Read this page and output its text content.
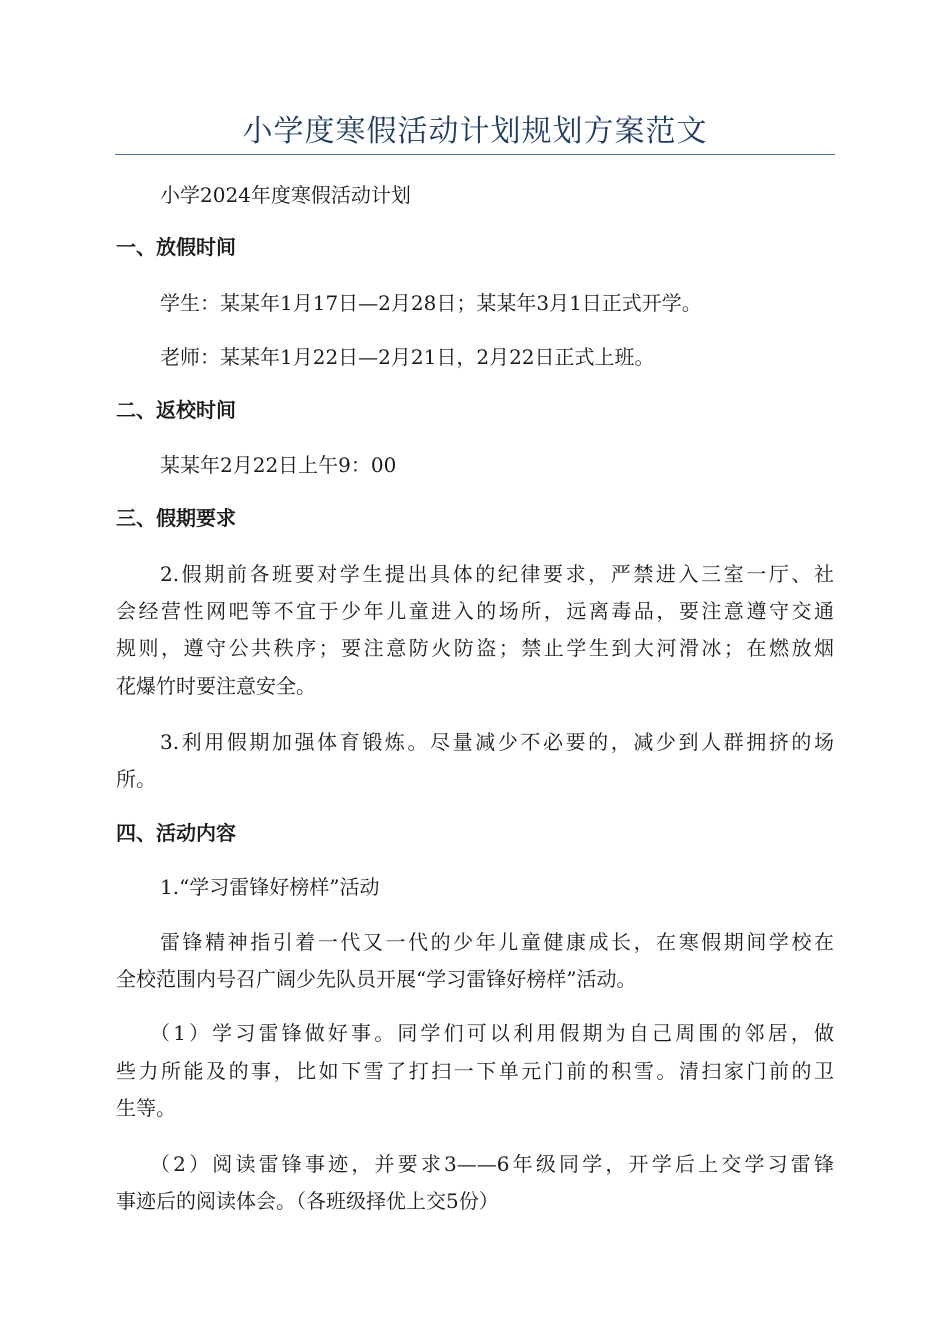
小学度寒假活动计划规划方案范文
小学2024年度寒假活动计划
一、放假时间
学生：某某年1月17日—2月28日；某某年3月1日正式开学。
老师：某某年1月22日—2月21日，2月22日正式上班。
二、返校时间
某某年2月22日上午9：00
三、假期要求
2.假期前各班要对学生提出具体的纪律要求，严禁进入三室一厅、社
会经营性网吧等不宜于少年儿童进入的场所，远离毒品，要注意遵守交通
规则，遵守公共秩序；要注意防火防盗；禁止学生到大河滑冰；在燃放烟
花爆竹时要注意安全。
3.利用假期加强体育锻炼。尽量减少不必要的，减少到人群拥挤的场
所。
四、活动内容
1.“学习雷锋好榜样”活动
雷锋精神指引着一代又一代的少年儿童健康成长，在寒假期间学校在
全校范围内号召广阔少先队员开展“学习雷锋好榜样”活动。
（1）学习雷锋做好事。同学们可以利用假期为自己周围的邻居，做
些力所能及的事，比如下雪了打扫一下单元门前的积雪。清扫家门前的卫
生等。
（2）阅读雷锋事迹，并要求3——6年级同学，开学后上交学习雷锋
事迹后的阅读体会。（各班级择优上交5份）
